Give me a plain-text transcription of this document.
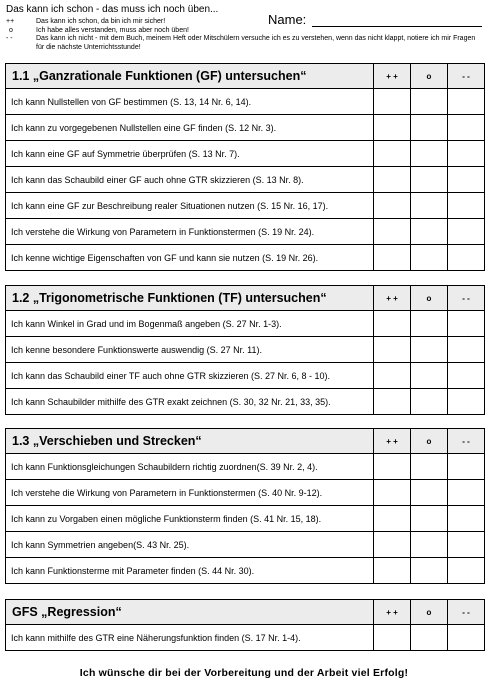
Das kann ich schon - das muss ich noch üben...
Name:
++	Das kann ich schon, da bin ich mir sicher!
o	Ich habe alles verstanden, muss aber noch üben!
- -	Das kann ich nicht - mit dem Buch, meinem Heft oder Mitschülern versuche ich es zu verstehen, wenn das nicht klappt, notiere ich mir Fragen für die nächste Unterrichtsstunde!
1.1 „Ganzrationale Funktionen (GF) untersuchen“	+ +	o	- -
Ich kann Nullstellen von GF bestimmen (S. 13, 14 Nr. 6, 14).			
Ich kann zu vorgegebenen Nullstellen eine GF finden (S. 12 Nr. 3).			
Ich kann eine GF auf Symmetrie überprüfen (S. 13 Nr. 7).			
Ich kann das Schaubild einer GF auch ohne GTR skizzieren (S. 13 Nr. 8).			
Ich kann eine GF zur Beschreibung realer Situationen nutzen (S. 15 Nr. 16, 17).			
Ich verstehe die Wirkung von Parametern in Funktionstermen (S. 19 Nr. 24).			
Ich kenne wichtige Eigenschaften von GF und kann sie nutzen (S. 19 Nr. 26).			
1.2 „Trigonometrische Funktionen (TF) untersuchen“	+ +	o	- -
Ich kann Winkel in Grad und im Bogenmaß angeben (S. 27 Nr. 1-3).			
Ich kenne besondere Funktionswerte auswendig (S. 27 Nr. 11).			
Ich kann das Schaubild einer TF auch ohne GTR skizzieren (S. 27 Nr. 6, 8 - 10).			
Ich kann Schaubilder mithilfe des GTR exakt zeichnen (S. 30, 32 Nr. 21, 33, 35).			
1.3 „Verschieben und Strecken“	+ +	o	- -
Ich kann Funktionsgleichungen Schaubildern richtig zuordnen(S. 39 Nr. 2, 4).			
Ich verstehe die Wirkung von Parametern in Funktionstermen (S. 40 Nr. 9-12).			
Ich kann zu Vorgaben einen mögliche Funktionsterm finden (S. 41 Nr. 15, 18).			
Ich kann Symmetrien angeben(S. 43 Nr. 25).			
Ich kann Funktionsterme mit Parameter finden (S. 44 Nr. 30).			
GFS „Regression“	+ +	o	- -
Ich kann mithilfe des GTR eine Näherungsfunktion finden (S. 17 Nr. 1-4).			
Ich wünsche dir bei der Vorbereitung und der Arbeit viel Erfolg!
